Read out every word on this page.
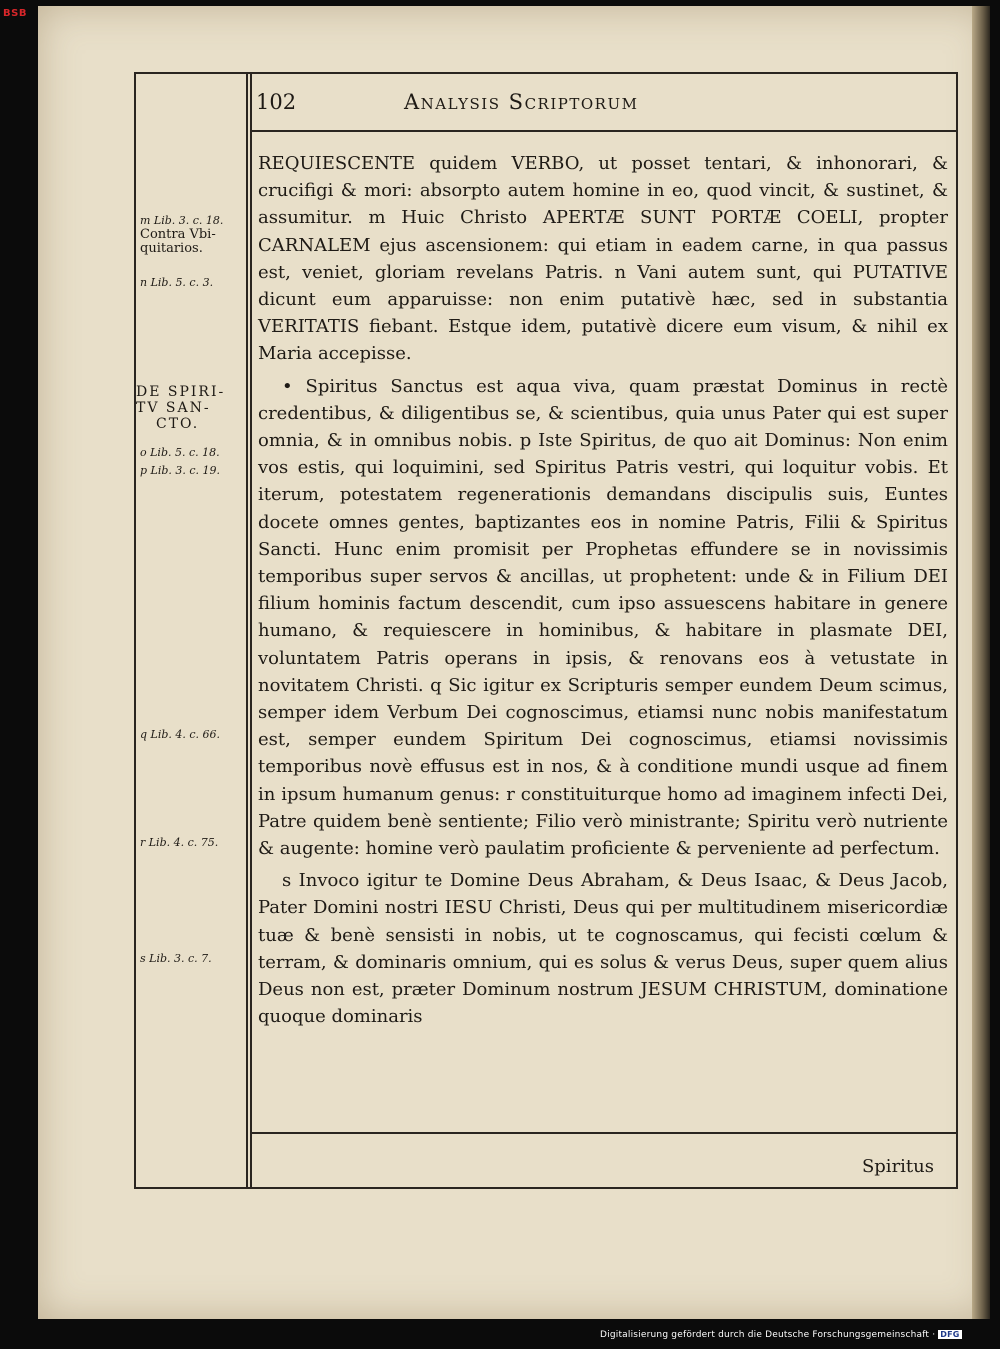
BSB
102	Analysis Scriptorum
m Lib. 3. c. 18.
Contra Vbi-quitarios.
n Lib. 5. c. 3.
DE SPIRI-
TV SAN-
CTO.
o Lib. 5. c. 18.
p Lib. 3. c. 19.
q Lib. 4. c. 66.
r Lib. 4. c. 75.
s Lib. 3. c. 7.

REQUIESCENTE quidem VERBO, ut posset tentari, & inhonorari, & crucifigi & mori: absorpto autem homine in eo, quod vincit, & sustinet, & assumitur. m Huic Christo APERTÆ SUNT PORTÆ COELI, propter CARNALEM ejus ascensionem: qui etiam in eadem carne, in qua passus est, veniet, gloriam revelans Patris. n Vani autem sunt, qui PUTATIVE dicunt eum apparuisse: non enim putativè hæc, sed in substantia VERITATIS fiebant. Estque idem, putativè dicere eum visum, & nihil ex Maria accepisse.

• Spiritus Sanctus est aqua viva, quam præstat Dominus in rectè credentibus, & diligentibus se, & scientibus, quia unus Pater qui est super omnia, & in omnibus nobis. p Iste Spiritus, de quo ait Dominus: Non enim vos estis, qui loquimini, sed Spiritus Patris vestri, qui loquitur vobis. Et iterum, potestatem regenerationis demandans discipulis suis, Euntes docete omnes gentes, baptizantes eos in nomine Patris, Filii & Spiritus Sancti. Hunc enim promisit per Prophetas effundere se in novissimis temporibus super servos & ancillas, ut prophetent: unde & in Filium DEI filium hominis factum descendit, cum ipso assuescens habitare in genere humano, & requiescere in hominibus, & habitare in plasmate DEI, voluntatem Patris operans in ipsis, & renovans eos à vetustate in novitatem Christi. q Sic igitur ex Scripturis semper eundem Deum scimus, semper idem Verbum Dei cognoscimus, etiamsi nunc nobis manifestatum est, semper eundem Spiritum Dei cognoscimus, etiamsi novissimis temporibus novè effusus est in nos, & à conditione mundi usque ad finem in ipsum humanum genus: r constituiturque homo ad imaginem infecti Dei, Patre quidem benè sentiente; Filio verò ministrante; Spiritu verò nutriente & augente: homine verò paulatim proficiente & perveniente ad perfectum.

s Invoco igitur te Domine Deus Abraham, & Deus Isaac, & Deus Jacob, Pater Domini nostri IESU Christi, Deus qui per multitudinem misericordiæ tuæ & benè sensisti in nobis, ut te cognoscamus, qui fecisti cœlum & terram, & dominaris omnium, qui es solus & verus Deus, super quem alius Deus non est, præter Dominum nostrum JESUM CHRISTUM, dominatione quoque dominaris

Spiritus
Digitalisierung gefördert durch die Deutsche Forschungsgemeinschaft · DFG
